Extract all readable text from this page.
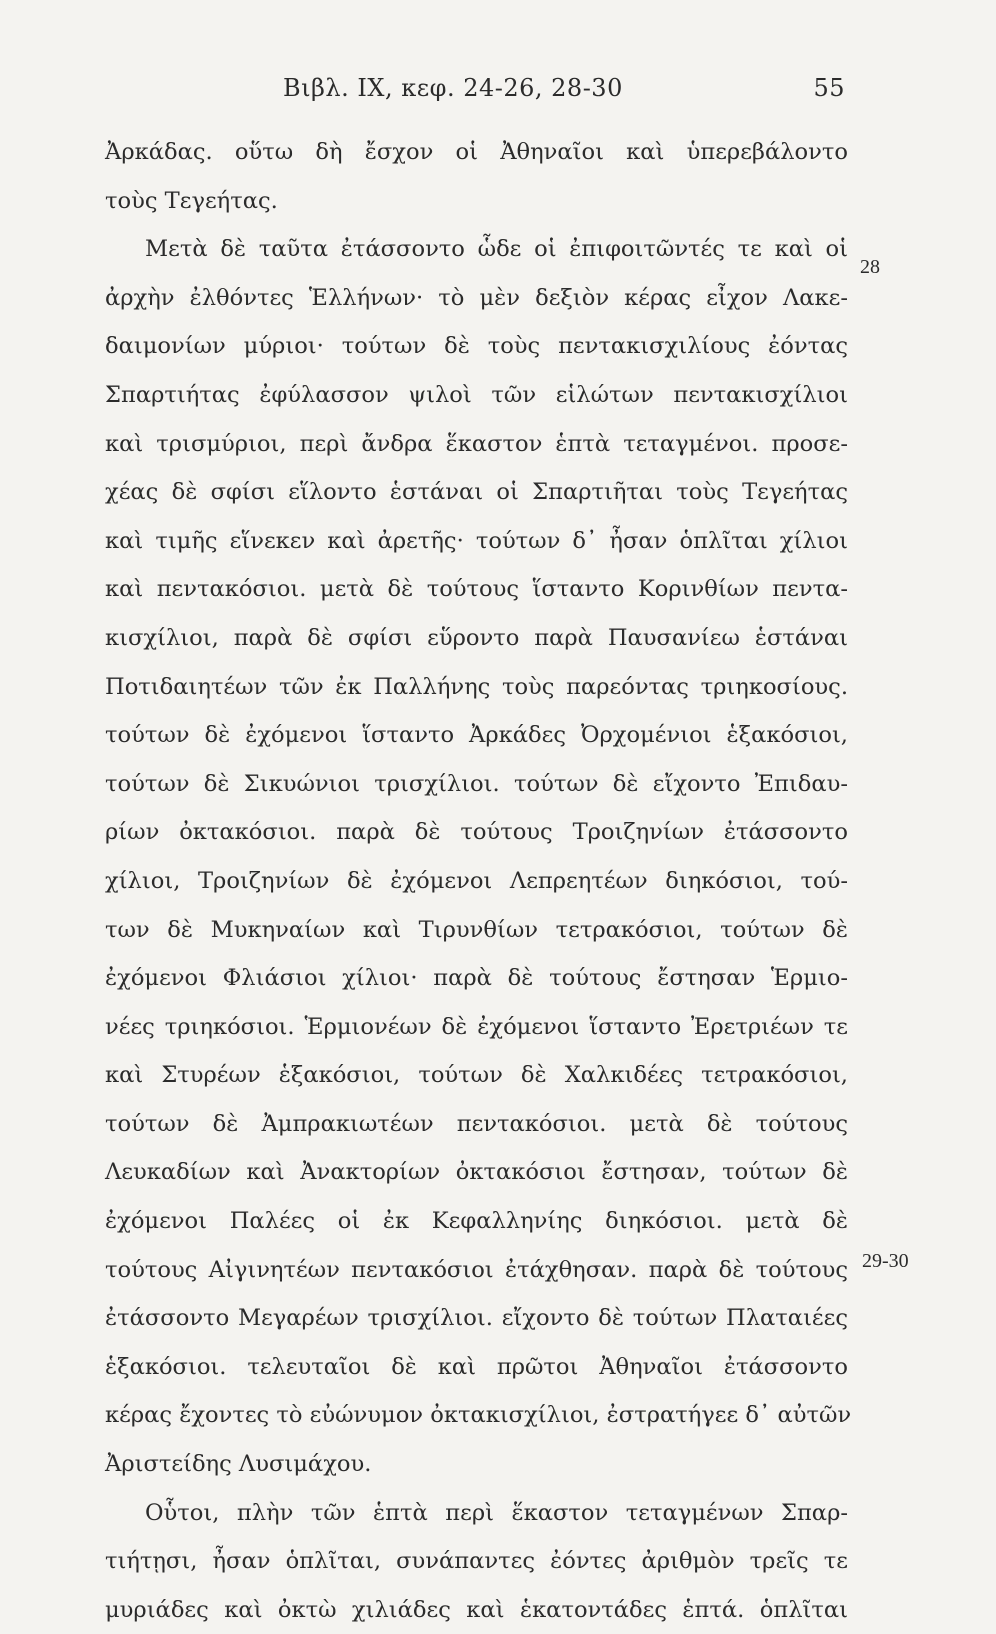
Βιβλ. IX, κεφ. 24-26, 28-30	55
Ἀρκάδας. οὕτω δὴ ἔσχον οἱ Ἀθηναῖοι καὶ ὑπερεβάλοντο
τοὺς Τεγεήτας.
Μετὰ δὲ ταῦτα ἐτάσσοντο ὧδε οἱ ἐπιφοιτῶντές τε καὶ οἱ
ἀρχὴν ἐλθόντες Ἑλλήνων· τὸ μὲν δεξιὸν κέρας εἶχον Λακε-
δαιμονίων μύριοι· τούτων δὲ τοὺς πεντακισχιλίους ἐόντας
Σπαρτιήτας ἐφύλασσον ψιλοὶ τῶν εἱλώτων πεντακισχίλιοι
καὶ τρισμύριοι, περὶ ἄνδρα ἕκαστον ἑπτὰ τεταγμένοι. προσε-
χέας δὲ σφίσι εἵλοντο ἑστάναι οἱ Σπαρτιῆται τοὺς Τεγεήτας
καὶ τιμῆς εἵνεκεν καὶ ἀρετῆς· τούτων δ᾽ ἦσαν ὁπλῖται χίλιοι
καὶ πεντακόσιοι. μετὰ δὲ τούτους ἵσταντο Κορινθίων πεντα-
κισχίλιοι, παρὰ δὲ σφίσι εὕροντο παρὰ Παυσανίεω ἑστάναι
Ποτιδαιητέων τῶν ἐκ Παλλήνης τοὺς παρεόντας τριηκοσίους.
τούτων δὲ ἐχόμενοι ἵσταντο Ἀρκάδες Ὀρχομένιοι ἑξακόσιοι,
τούτων δὲ Σικυώνιοι τρισχίλιοι. τούτων δὲ εἴχοντο Ἐπιδαυ-
ρίων ὀκτακόσιοι. παρὰ δὲ τούτους Τροιζηνίων ἐτάσσοντο
χίλιοι, Τροιζηνίων δὲ ἐχόμενοι Λεπρεητέων διηκόσιοι, τού-
των δὲ Μυκηναίων καὶ Τιρυνθίων τετρακόσιοι, τούτων δὲ
ἐχόμενοι Φλιάσιοι χίλιοι· παρὰ δὲ τούτους ἔστησαν Ἑρμιο-
νέες τριηκόσιοι. Ἑρμιονέων δὲ ἐχόμενοι ἵσταντο Ἐρετριέων τε
καὶ Στυρέων ἑξακόσιοι, τούτων δὲ Χαλκιδέες τετρακόσιοι,
τούτων δὲ Ἀμπρακιωτέων πεντακόσιοι. μετὰ δὲ τούτους
Λευκαδίων καὶ Ἀνακτορίων ὀκτακόσιοι ἔστησαν, τούτων δὲ
ἐχόμενοι Παλέες οἱ ἐκ Κεφαλληνίης διηκόσιοι. μετὰ δὲ
τούτους Αἰγινητέων πεντακόσιοι ἐτάχθησαν. παρὰ δὲ τούτους
ἐτάσσοντο Μεγαρέων τρισχίλιοι. εἴχοντο δὲ τούτων Πλαταιέες
ἑξακόσιοι. τελευταῖοι δὲ καὶ πρῶτοι Ἀθηναῖοι ἐτάσσοντο
κέρας ἔχοντες τὸ εὐώνυμον ὀκτακισχίλιοι, ἐστρατήγεε δ᾽ αὐτῶν
Ἀριστείδης Λυσιμάχου.
Οὗτοι, πλὴν τῶν ἑπτὰ περὶ ἕκαστον τεταγμένων Σπαρ-
τιήτῃσι, ἦσαν ὁπλῖται, συνάπαντες ἐόντες ἀριθμὸν τρεῖς τε
μυριάδες καὶ ὀκτὼ χιλιάδες καὶ ἑκατοντάδες ἑπτά. ὁπλῖται
28
29-30
